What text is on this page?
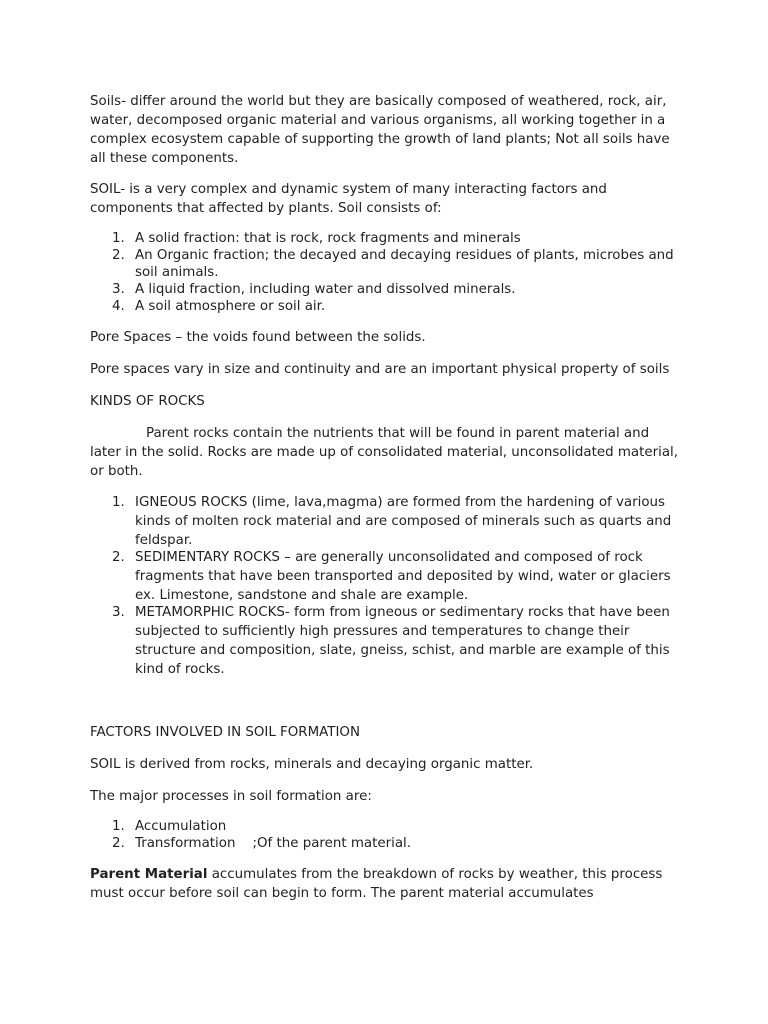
Soils- differ around the world but they are basically composed of weathered, rock, air, water, decomposed organic material and various organisms, all working together in a complex ecosystem capable of supporting the growth of land plants; Not all soils have all these components.

SOIL- is a very complex and dynamic system of many interacting factors and components that affected by plants. Soil consists of:

1. A solid fraction: that is rock, rock fragments and minerals
2. An Organic fraction; the decayed and decaying residues of plants, microbes and soil animals.
3. A liquid fraction, including water and dissolved minerals.
4. A soil atmosphere or soil air.

Pore Spaces – the voids found between the solids.

Pore spaces vary in size and continuity and are an important physical property of soils

KINDS OF ROCKS

Parent rocks contain the nutrients that will be found in parent material and later in the solid. Rocks are made up of consolidated material, unconsolidated material, or both.

1. IGNEOUS ROCKS (lime, lava,magma) are formed from the hardening of various kinds of molten rock material and are composed of minerals such as quarts and feldspar.
2. SEDIMENTARY ROCKS – are generally unconsolidated and composed of rock fragments that have been transported and deposited by wind, water or glaciers ex. Limestone, sandstone and shale are example.
3. METAMORPHIC ROCKS- form from igneous or sedimentary rocks that have been subjected to sufficiently high pressures and temperatures to change their structure and composition, slate, gneiss, schist, and marble are example of this kind of rocks.

FACTORS INVOLVED IN SOIL FORMATION

SOIL is derived from rocks, minerals and decaying organic matter.

The major processes in soil formation are:

1. Accumulation
2. Transformation ;Of the parent material.

Parent Material accumulates from the breakdown of rocks by weather, this process must occur before soil can begin to form. The parent material accumulates
